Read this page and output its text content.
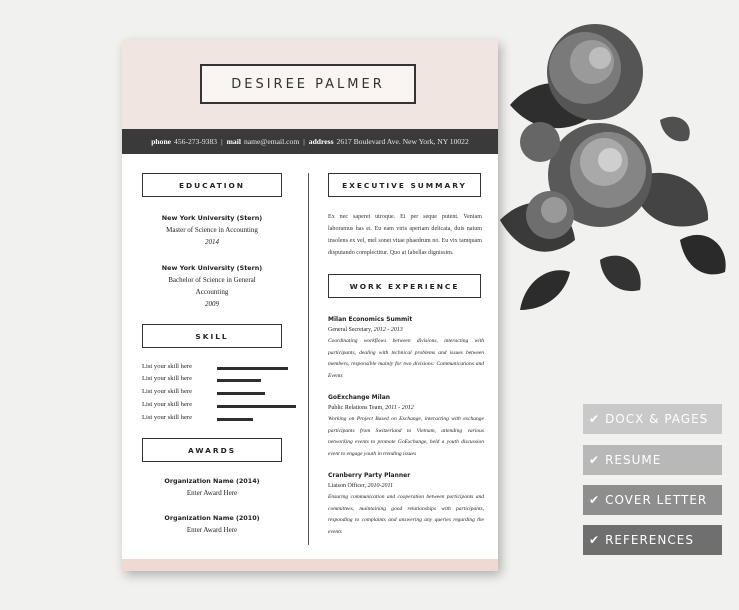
DESIREE PALMER
phone 456-273-9383 | mail name@email.com | address 2617 Boulevard Ave. New York, NY 10022
EDUCATION
New York University (Stern)
Master of Science in Accounting
2014
New York University (Stern)
Bachelor of Science in General
Accounting
2009
SKILL
List your skill here
List your skill here
List your skill here
List your skill here
List your skill here
AWARDS
Organization Name (2014)
Enter Award Here
Organization Name (2010)
Enter Award Here
EXECUTIVE SUMMARY
Ex nec saperet utroque. Ei per seque putent. Veniam laboramus has ei. Eu eam viris aperiam delicata, duis natum insolens ex vel, mel sonet vitae phaedrum no. Eu vix tamquam disputando complectitur. Quo at fabellas dignissim.
WORK EXPERIENCE
Milan Economics Summit
General Secretary, 2012 - 2013
Coordinating workflows between divisions, interacting with participants, dealing with technical problems and issues between members, responsible mainly for two divisions: Communications and Events
GoExchange Milan
Public Relations Team, 2011 - 2012
Working on Project Based on Exchange, interacting with exchange participants from Switzerland to Vietnam, attending various networking events to promote GoExchange, held a youth discussion event to engage youth in trending issues
Cranberry Party Planner
Liaison Officer, 2010-2011
Ensuring communication and cooperation between participants and committees, maintaining good relationships with participants, responding to complaints and answering any queries regarding the events
✔ DOCX & PAGES
✔ RESUME
✔ COVER LETTER
✔ REFERENCES
